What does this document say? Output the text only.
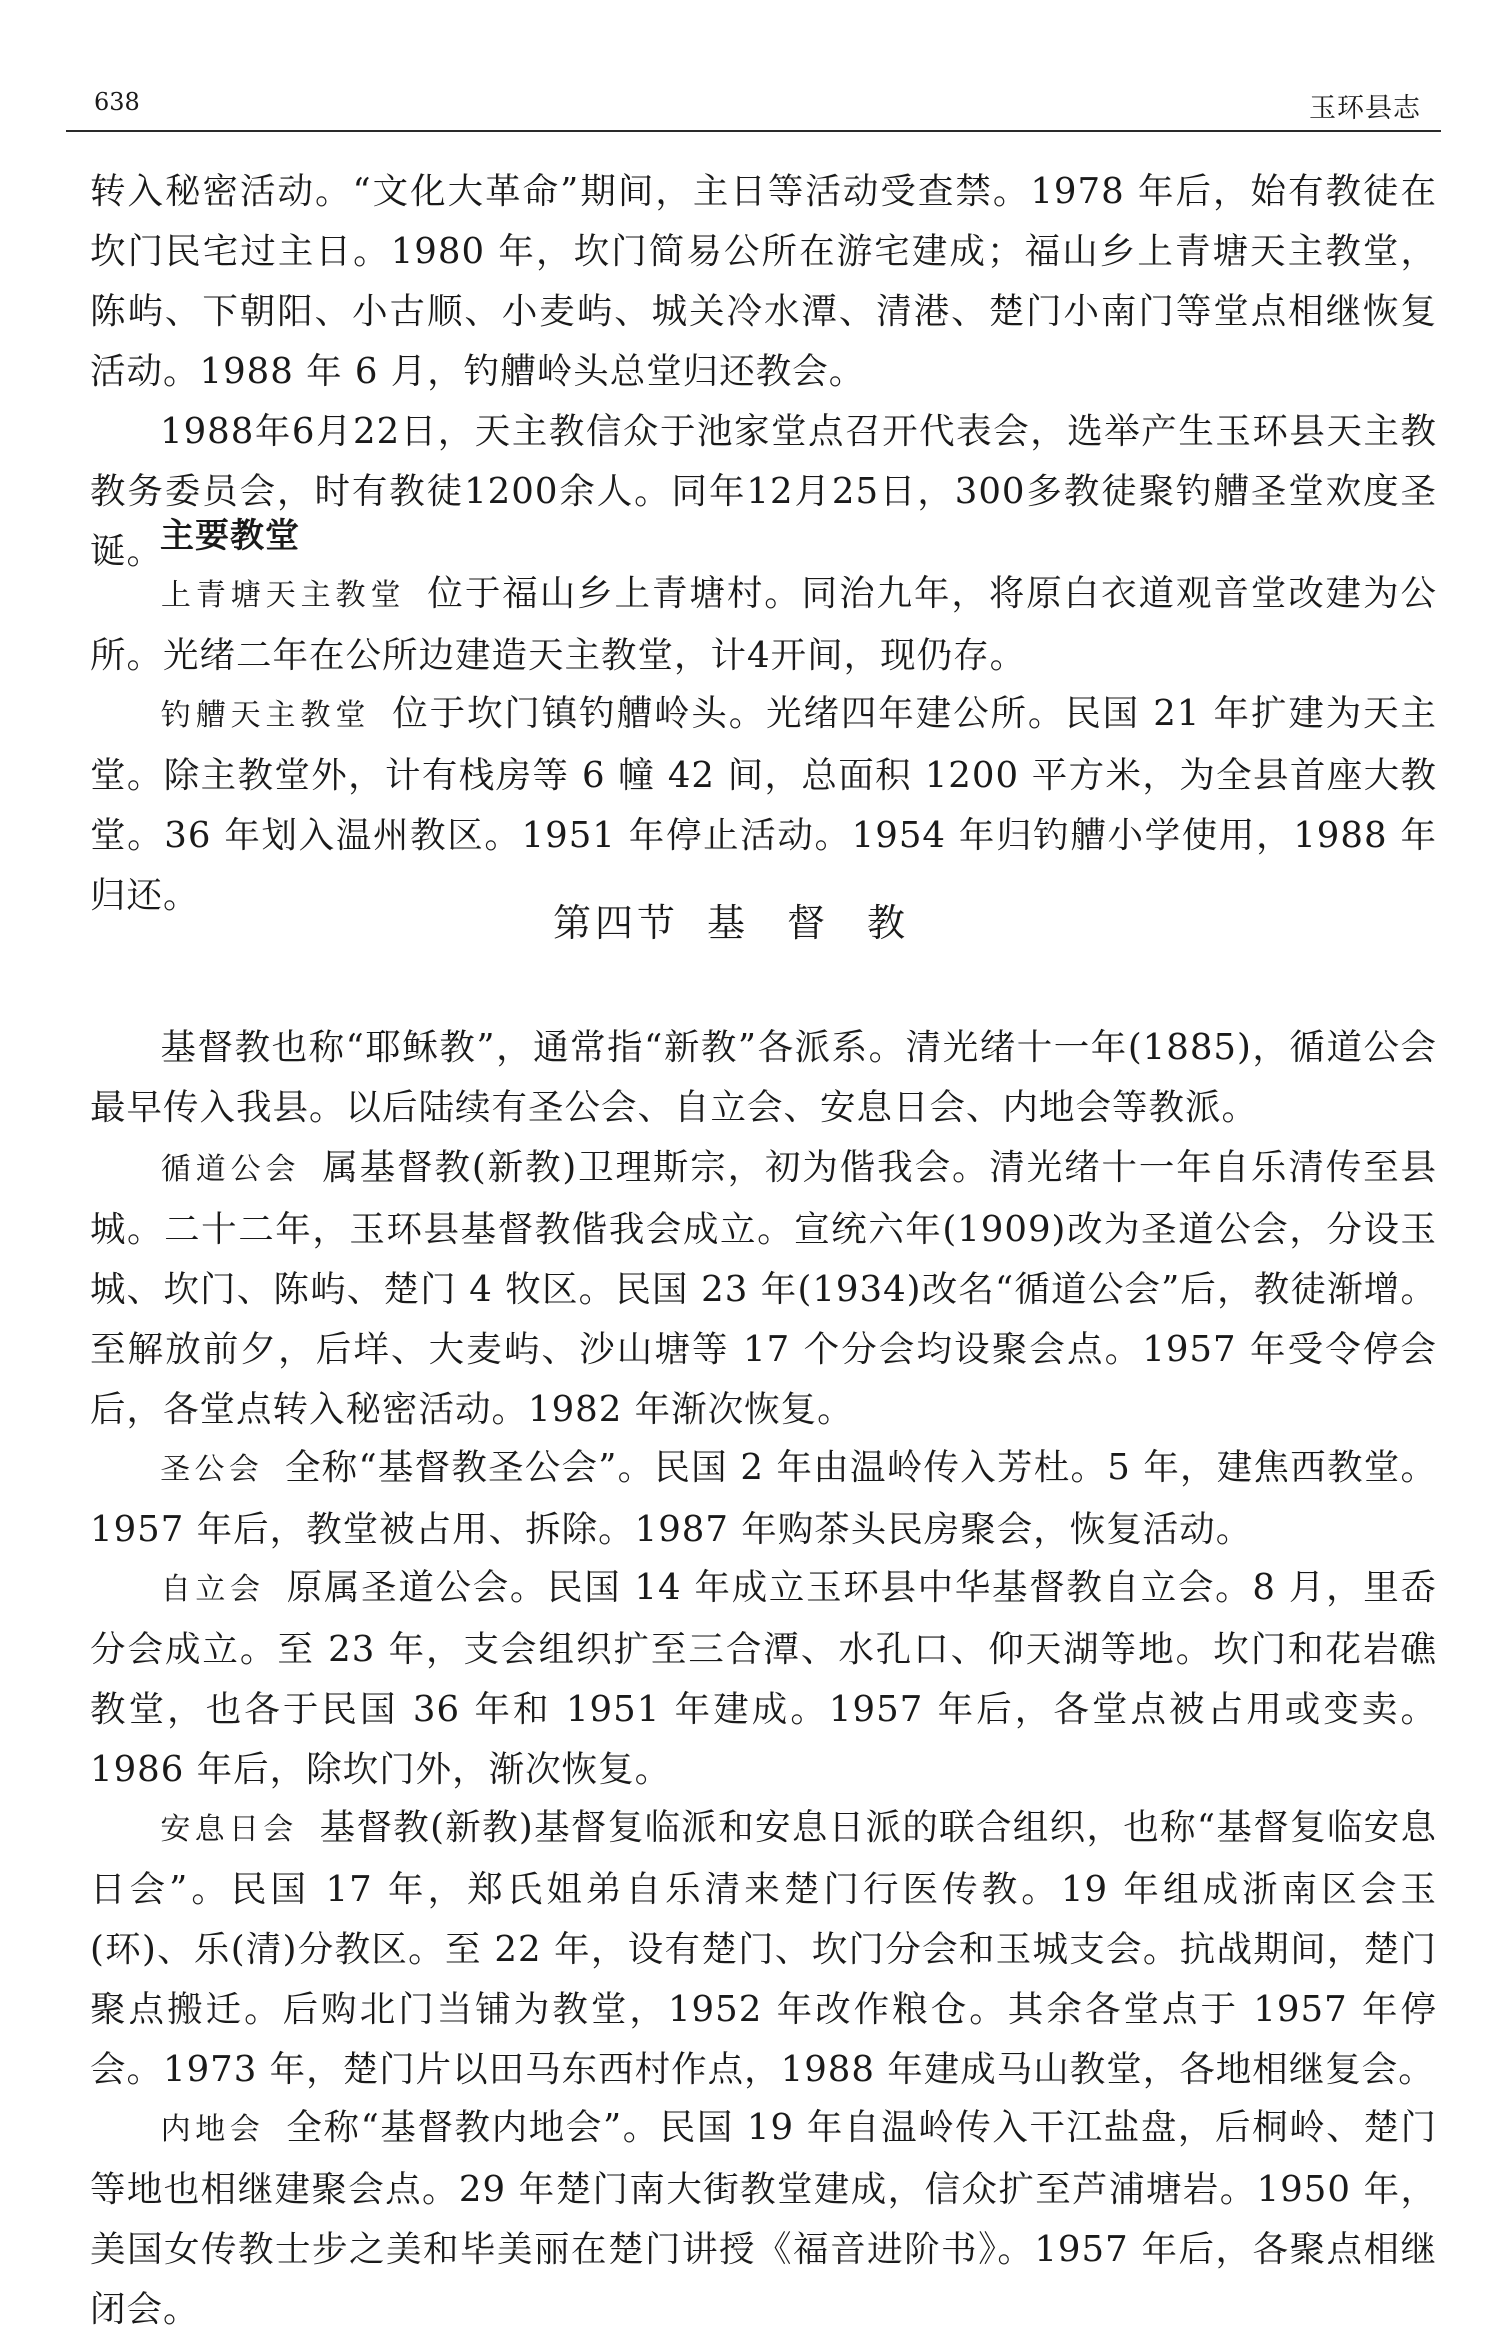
638	玉环县志

转入秘密活动。“文化大革命”期间，主日等活动受查禁。1978 年后，始有教徒在坎门民宅过主日。1980 年，坎门简易公所在游宅建成；福山乡上青塘天主教堂，陈屿、下朝阳、小古顺、小麦屿、城关冷水潭、清港、楚门小南门等堂点相继恢复活动。1988 年 6 月，钓艚岭头总堂归还教会。

1988年6月22日，天主教信众于池家堂点召开代表会，选举产生玉环县天主教教务委员会，时有教徒1200余人。同年12月25日，300多教徒聚钓艚圣堂欢度圣诞。

主要教堂

上青塘天主教堂 位于福山乡上青塘村。同治九年，将原白衣道观音堂改建为公所。光绪二年在公所边建造天主教堂，计4开间，现仍存。

钓艚天主教堂 位于坎门镇钓艚岭头。光绪四年建公所。民国 21 年扩建为天主堂。除主教堂外，计有栈房等 6 幢 42 间，总面积 1200 平方米，为全县首座大教堂。36 年划入温州教区。1951 年停止活动。1954 年归钓艚小学使用，1988 年归还。

第四节 基督教

基督教也称“耶稣教”，通常指“新教”各派系。清光绪十一年(1885)，循道公会最早传入我县。以后陆续有圣公会、自立会、安息日会、内地会等教派。

循道公会 属基督教(新教)卫理斯宗，初为偕我会。清光绪十一年自乐清传至县城。二十二年，玉环县基督教偕我会成立。宣统六年(1909)改为圣道公会，分设玉城、坎门、陈屿、楚门 4 牧区。民国 23 年(1934)改名“循道公会”后，教徒渐增。至解放前夕，后垟、大麦屿、沙山塘等 17 个分会均设聚会点。1957 年受令停会后，各堂点转入秘密活动。1982 年渐次恢复。

圣公会 全称“基督教圣公会”。民国 2 年由温岭传入芳杜。5 年，建焦西教堂。1957 年后，教堂被占用、拆除。1987 年购茶头民房聚会，恢复活动。

自立会 原属圣道公会。民国 14 年成立玉环县中华基督教自立会。8 月，里岙分会成立。至 23 年，支会组织扩至三合潭、水孔口、仰天湖等地。坎门和花岩礁教堂，也各于民国 36 年和 1951 年建成。1957 年后，各堂点被占用或变卖。1986 年后，除坎门外，渐次恢复。

安息日会 基督教(新教)基督复临派和安息日派的联合组织，也称“基督复临安息日会”。民国 17 年，郑氏姐弟自乐清来楚门行医传教。19 年组成浙南区会玉(环)、乐(清)分教区。至 22 年，设有楚门、坎门分会和玉城支会。抗战期间，楚门聚点搬迁。后购北门当铺为教堂，1952 年改作粮仓。其余各堂点于 1957 年停会。1973 年，楚门片以田马东西村作点，1988 年建成马山教堂，各地相继复会。

内地会 全称“基督教内地会”。民国 19 年自温岭传入干江盐盘，后桐岭、楚门等地也相继建聚会点。29 年楚门南大街教堂建成，信众扩至芦浦塘岩。1950 年，美国女传教士步之美和毕美丽在楚门讲授《福音进阶书》。1957 年后，各聚点相继闭会。
